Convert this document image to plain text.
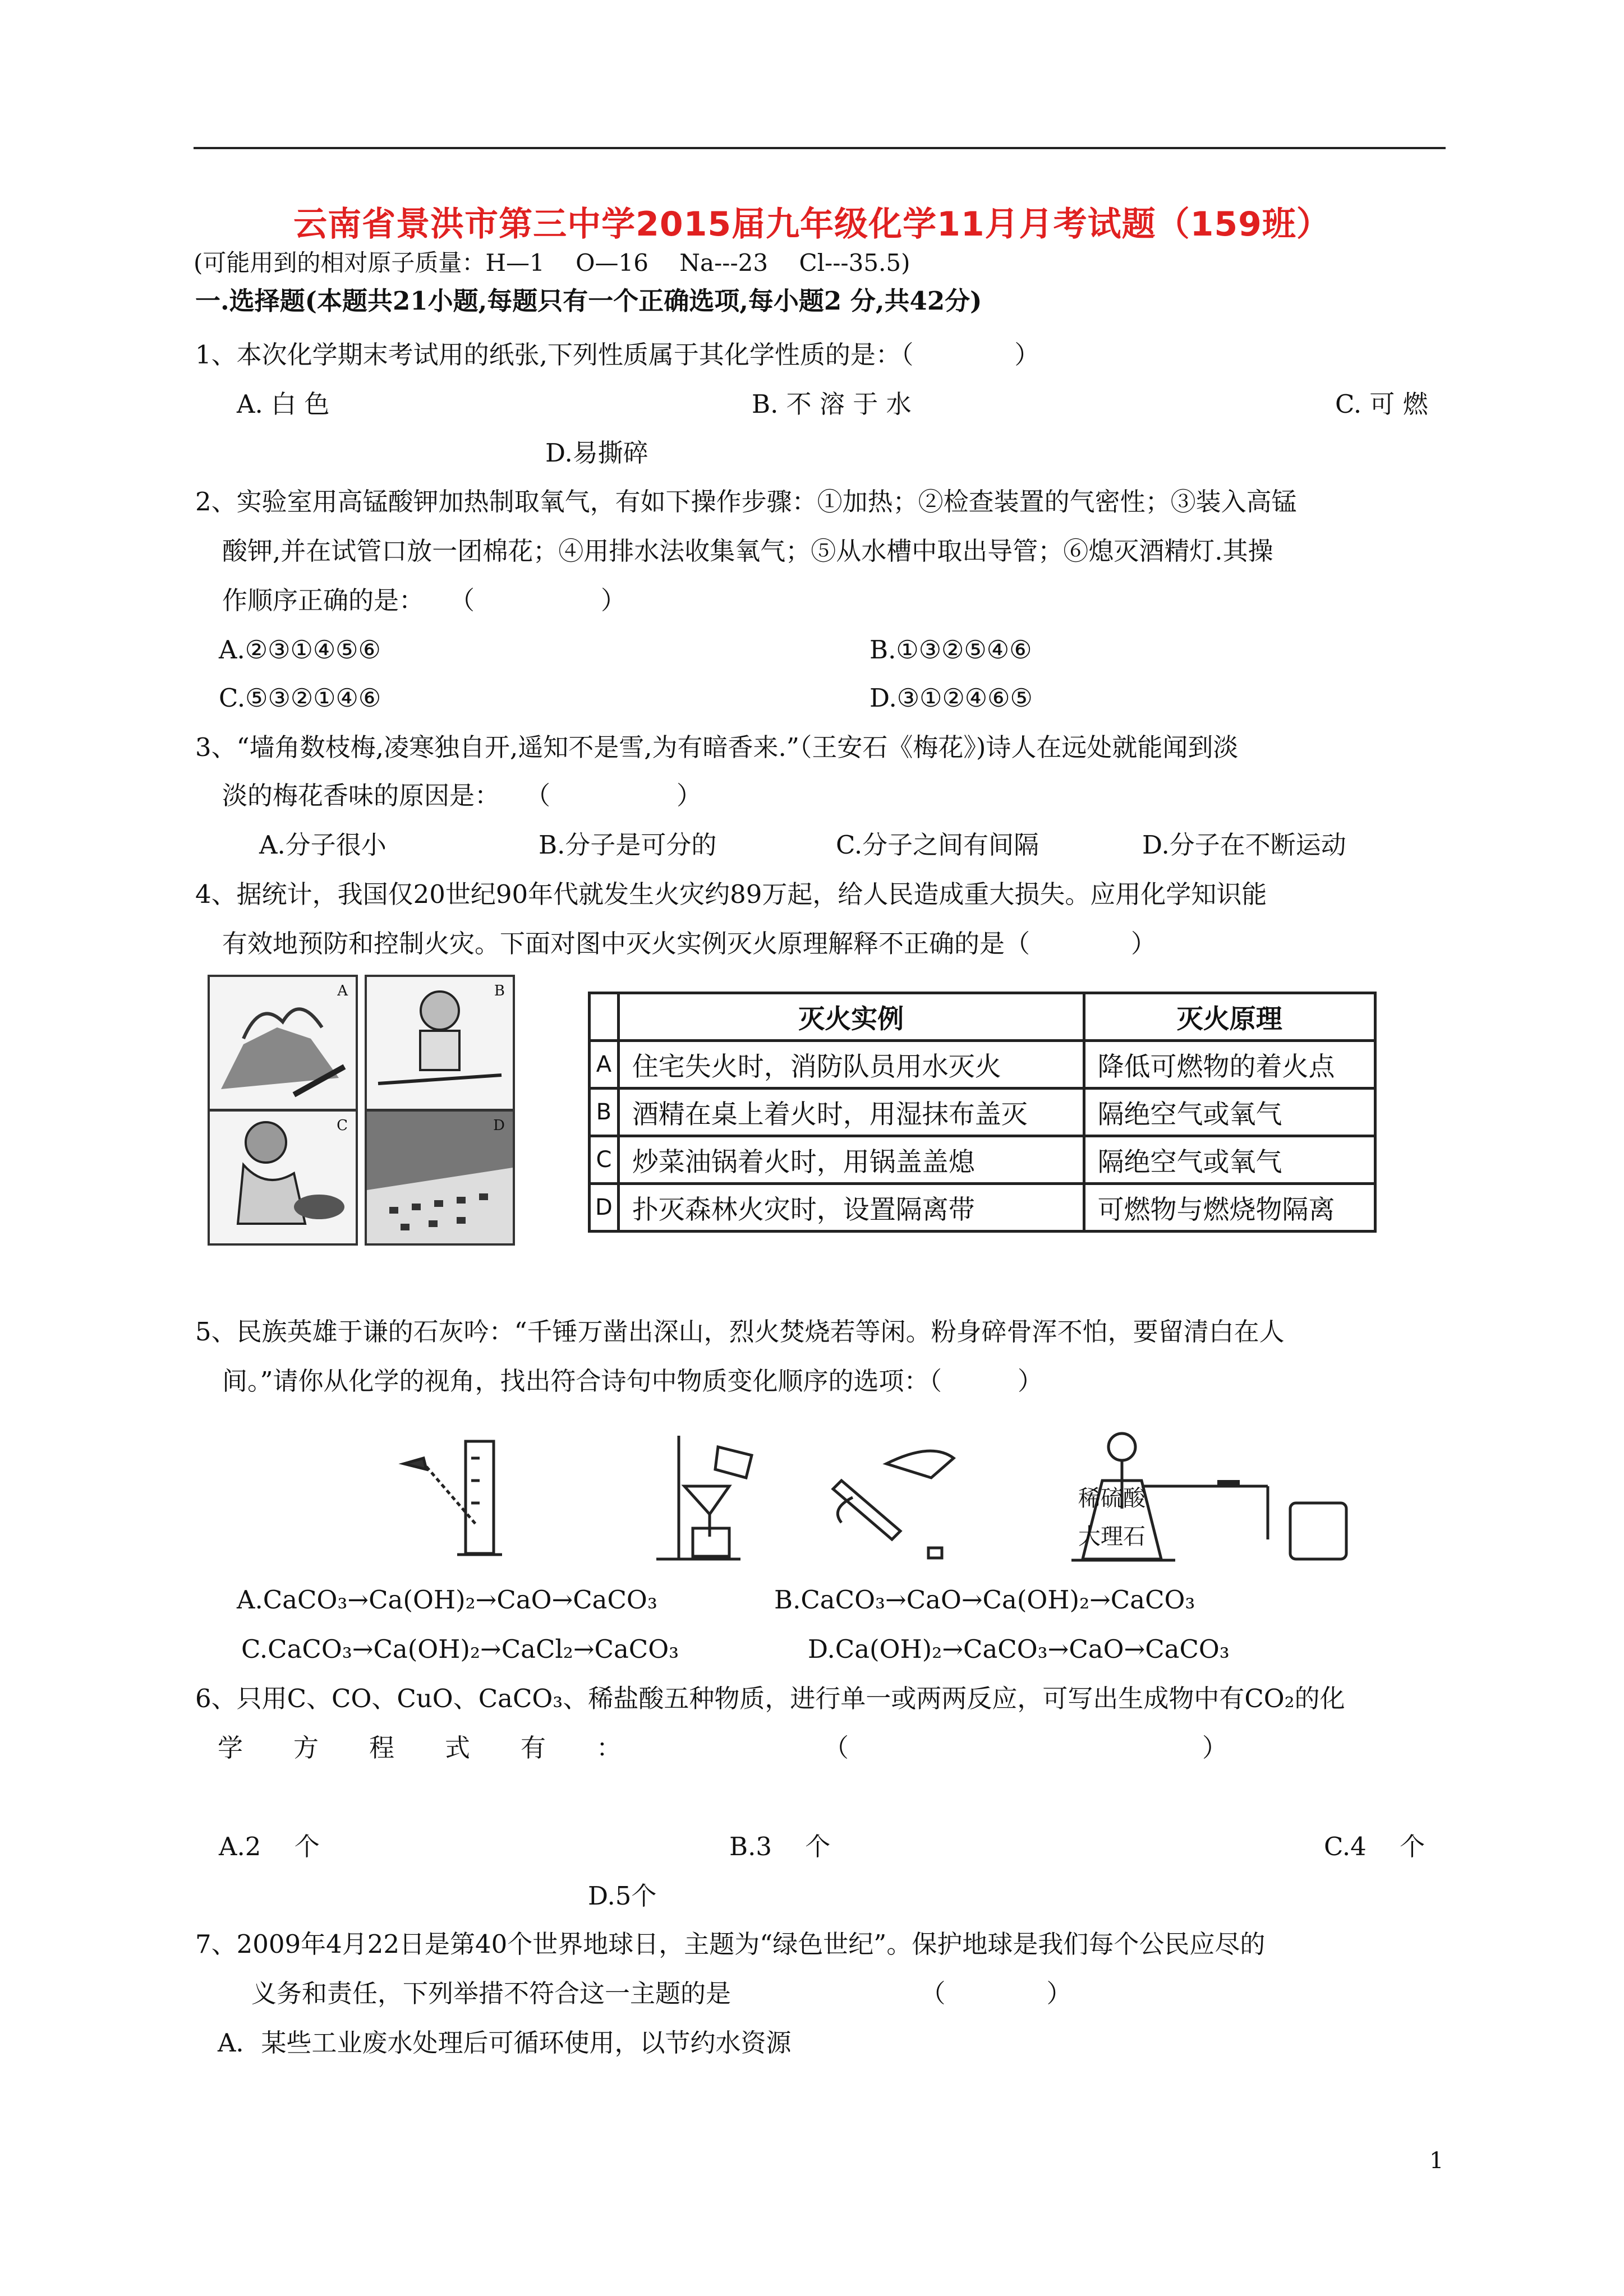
云南省景洪市第三中学2015届九年级化学11月月考试题（159班）
(可能用到的相对原子质量：H—1　 O—16　 Na---23　 Cl---35.5)
一.选择题(本题共21小题,每题只有一个正确选项,每小题2 分,共42分)
1、本次化学期末考试用的纸张,下列性质属于其化学性质的是：（　　　　）
A. 白 色	B. 不 溶 于 水	C. 可 燃
D.易撕碎
2、实验室用高锰酸钾加热制取氧气，有如下操作步骤：①加热；②检查装置的气密性；③装入高锰
酸钾,并在试管口放一团棉花；④用排水法收集氧气；⑤从水槽中取出导管；⑥熄灭酒精灯.其操
作顺序正确的是：　　（　　　　　）
A.②③①④⑤⑥	B.①③②⑤④⑥
C.⑤③②①④⑥	D.③①②④⑥⑤
3、“墙角数枝梅,凌寒独自开,遥知不是雪,为有暗香来.”（王安石《梅花》)诗人在远处就能闻到淡
淡的梅花香味的原因是：　　（　　　　　）
A.分子很小	B.分子是可分的	C.分子之间有间隔	D.分子在不断运动
4、据统计，我国仅20世纪90年代就发生火灾约89万起，给人民造成重大损失。应用化学知识能
有效地预防和控制火灾。下面对图中灭火实例灭火原理解释不正确的是（　　　　）
A	B
C	D
	灭火实例	灭火原理
A	住宅失火时，消防队员用水灭火	降低可燃物的着火点
B	酒精在桌上着火时，用湿抹布盖灭	隔绝空气或氧气
C	炒菜油锅着火时，用锅盖盖熄	隔绝空气或氧气
D	扑灭森林火灾时，设置隔离带	可燃物与燃烧物隔离
5、民族英雄于谦的石灰吟：“千锤万凿出深山，烈火焚烧若等闲。粉身碎骨浑不怕，要留清白在人
间。”请你从化学的视角，找出符合诗句中物质变化顺序的选项：（　　　）
稀硫酸
大理石
A.CaCO₃→Ca(OH)₂→CaO→CaCO₃	B.CaCO₃→CaO→Ca(OH)₂→CaCO₃
C.CaCO₃→Ca(OH)₂→CaCl₂→CaCO₃	D.Ca(OH)₂→CaCO₃→CaO→CaCO₃
6、只用C、CO、CuO、CaCO₃、稀盐酸五种物质，进行单一或两两反应，可写出生成物中有CO₂的化
学　　方　　程　　式　　有　　：　　　　　　　　　（　　　　　　　　　　　　　　）
A.2　 个	B.3　 个	C.4　 个
D.5个
7、2009年4月22日是第40个世界地球日，主题为“绿色世纪”。保护地球是我们每个公民应尽的
义务和责任，下列举措不符合这一主题的是　　　　　　　　（　　　　）
A．某些工业废水处理后可循环使用，以节约水资源
1
